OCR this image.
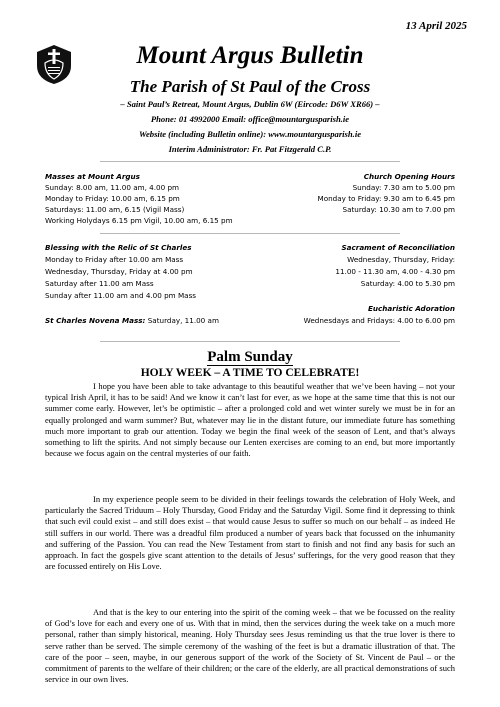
13 April 2025
Mount Argus Bulletin
The Parish of St Paul of the Cross
– Saint Paul’s Retreat, Mount Argus, Dublin 6W (Eircode: D6W XR66) –
Phone: 01 4992000 Email: office@mountargusparish.ie
Website (including Bulletin online): www.mountargusparish.ie
Interim Administrator: Fr. Pat Fitzgerald C.P.
Masses at Mount Argus
Sunday: 8.00 am, 11.00 am, 4.00 pm
Monday to Friday: 10.00 am, 6.15 pm
Saturdays: 11.00 am, 6.15 (Vigil Mass)
Working Holydays 6.15 pm Vigil, 10.00 am, 6.15 pm
Church Opening Hours
Sunday: 7.30 am to 5.00 pm
Monday to Friday: 9.30 am to 6.45 pm
Saturday: 10.30 am to 7.00 pm
Blessing with the Relic of St Charles
Monday to Friday after 10.00 am Mass
Wednesday, Thursday, Friday at 4.00 pm
Saturday after 11.00 am Mass
Sunday after 11.00 am and 4.00 pm Mass
Sacrament of Reconciliation
Wednesday, Thursday, Friday:
11.00 - 11.30 am, 4.00 - 4.30 pm
Saturday: 4.00 to 5.30 pm
Eucharistic Adoration
St Charles Novena Mass: Saturday, 11.00 am	Wednesdays and Fridays: 4.00 to 6.00 pm
Palm Sunday
HOLY WEEK – A TIME TO CELEBRATE!

I hope you have been able to take advantage to this beautiful weather that we’ve been having – not your typical Irish April, it has to be said! And we know it can’t last for ever, as we hope at the same time that this is not our summer come early. However, let’s be optimistic – after a prolonged cold and wet winter surely we must be in for an equally prolonged and warm summer? But, whatever may lie in the distant future, our immediate future has something much more important to grab our attention. Today we begin the final week of the season of Lent, and that’s always something to lift the spirits. And not simply because our Lenten exercises are coming to an end, but more importantly because we focus again on the central mysteries of our faith.

In my experience people seem to be divided in their feelings towards the celebration of Holy Week, and particularly the Sacred Triduum – Holy Thursday, Good Friday and the Saturday Vigil. Some find it depressing to think that such evil could exist – and still does exist – that would cause Jesus to suffer so much on our behalf – as indeed He still suffers in our world. There was a dreadful film produced a number of years back that focussed on the inhumanity and suffering of the Passion. You can read the New Testament from start to finish and not find any basis for such an approach. In fact the gospels give scant attention to the details of Jesus’ sufferings, for the very good reason that they are focussed entirely on His Love.

And that is the key to our entering into the spirit of the coming week – that we be focussed on the reality of God’s love for each and every one of us. With that in mind, then the services during the week take on a much more personal, rather than simply historical, meaning. Holy Thursday sees Jesus reminding us that the true lover is there to serve rather than be served. The simple ceremony of the washing of the feet is but a dramatic illustration of that. The care of the poor – seen, maybe, in our generous support of the work of the Society of St. Vincent de Paul – or the commitment of parents to the welfare of their children; or the care of the elderly, are all practical demonstrations of such service in our own lives.
